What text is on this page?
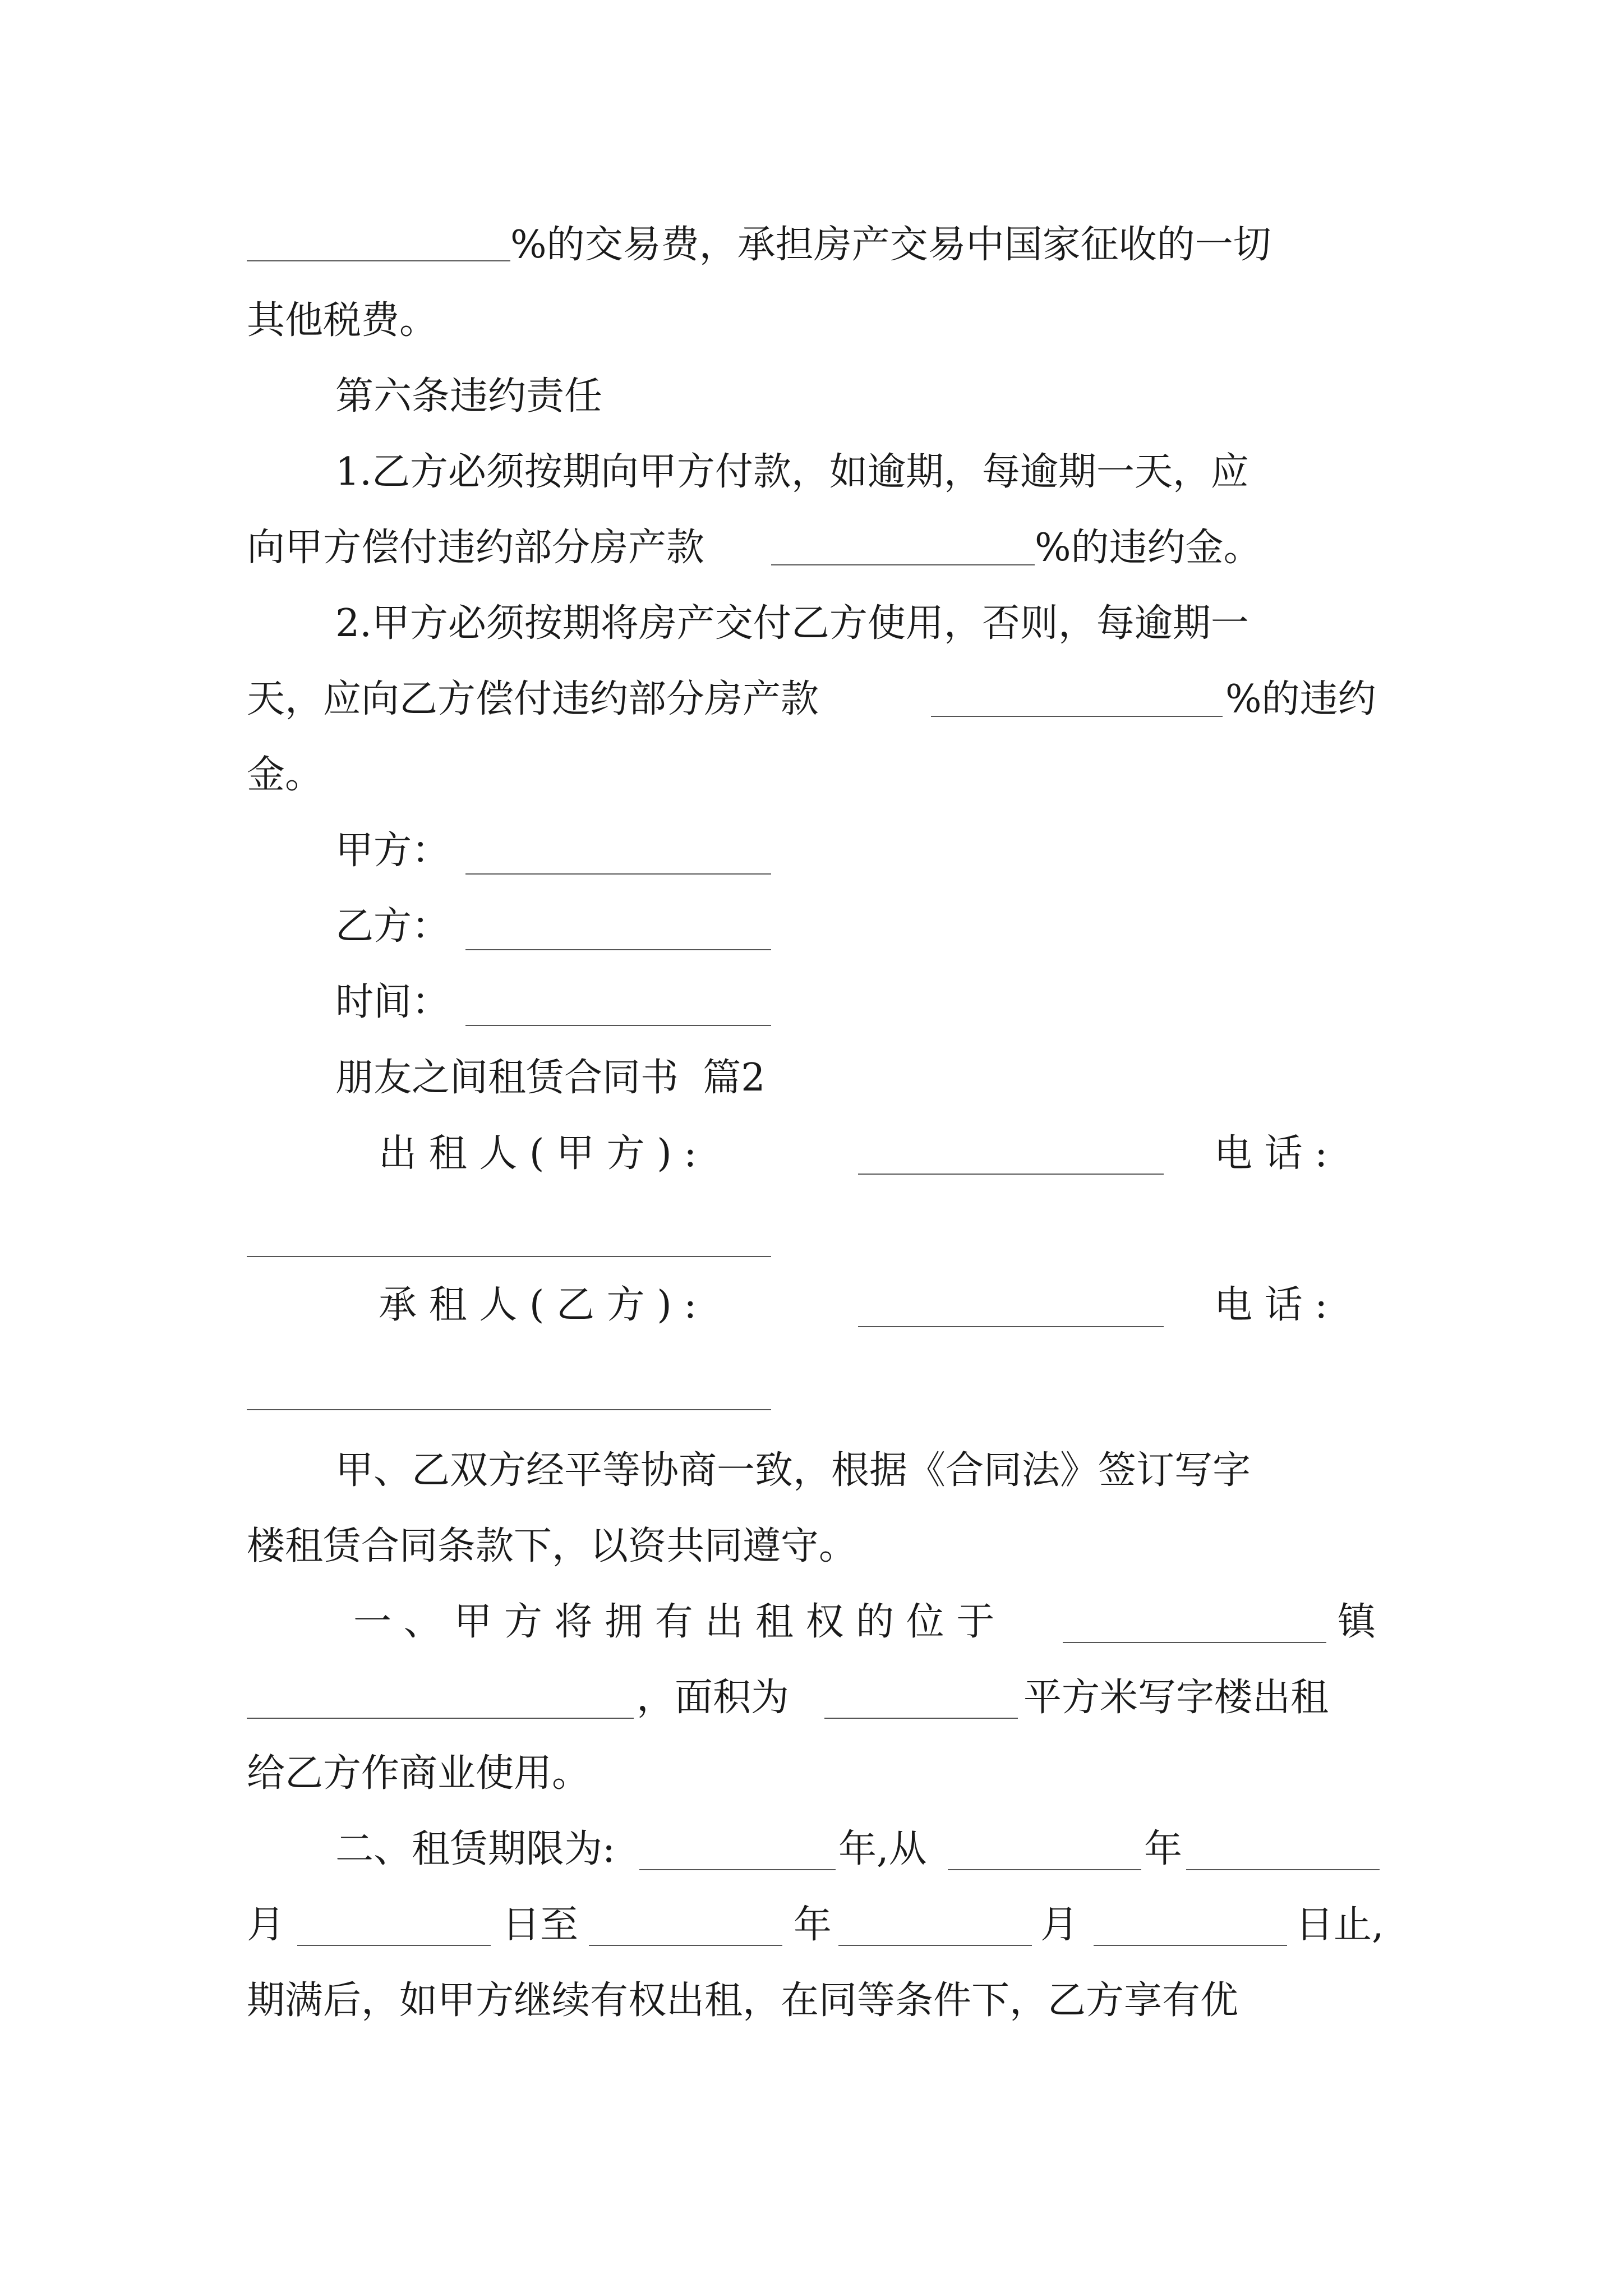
%的交易费，承担房产交易中国家征收的一切
其他税费。
第六条违约责任
1.乙方必须按期向甲方付款，如逾期，每逾期一天，应
向甲方偿付违约部分房产款	%的违约金。
2.甲方必须按期将房产交付乙方使用，否则，每逾期一
天，应向乙方偿付违约部分房产款	%的违约
金。
甲方：
乙方：
时间：
朋友之间租赁合同书  篇2
出 租 人 ( 甲 方 ) :	电 话 :
承 租 人 ( 乙 方 ) :	电 话 :
甲、乙双方经平等协商一致，根据《合同法》签订写字
楼租赁合同条款下，以资共同遵守。
一 、 甲 方 将 拥 有 出 租 权 的 位 于	镇
，面积为	平方米写字楼出租
给乙方作商业使用。
二、租赁期限为:	年,从	年
月	日至	年	月	日止,
期满后，如甲方继续有权出租，在同等条件下，乙方享有优
